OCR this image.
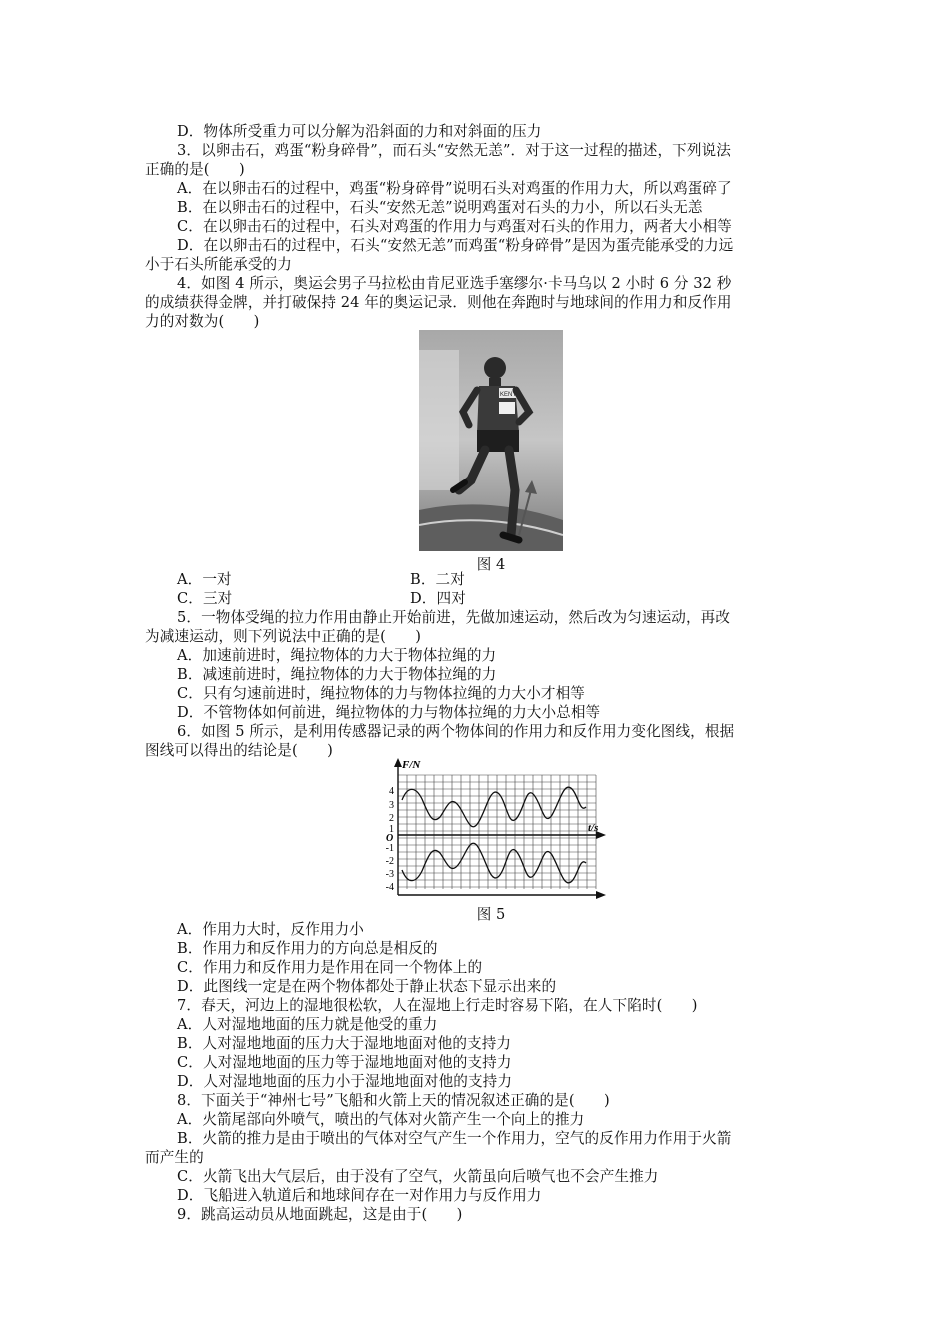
D．物体所受重力可以分解为沿斜面的力和对斜面的压力
3．以卵击石，鸡蛋“粉身碎骨”，而石头“安然无恙”．对于这一过程的描述，下列说法
正确的是(　　)
A．在以卵击石的过程中，鸡蛋“粉身碎骨”说明石头对鸡蛋的作用力大，所以鸡蛋碎了
B．在以卵击石的过程中，石头“安然无恙”说明鸡蛋对石头的力小，所以石头无恙
C．在以卵击石的过程中，石头对鸡蛋的作用力与鸡蛋对石头的作用力，两者大小相等
D．在以卵击石的过程中，石头“安然无恙”而鸡蛋“粉身碎骨”是因为蛋壳能承受的力远
小于石头所能承受的力
4．如图 4 所示，奥运会男子马拉松由肯尼亚选手塞缪尔·卡马乌以 2 小时 6 分 32 秒
的成绩获得金牌，并打破保持 24 年的奥运记录．则他在奔跑时与地球间的作用力和反作用
力的对数为(　　)
KENYA
图 4
A．一对	B．二对
C．三对	D．四对
5．一物体受绳的拉力作用由静止开始前进，先做加速运动，然后改为匀速运动，再改
为减速运动，则下列说法中正确的是(　　)
A．加速前进时，绳拉物体的力大于物体拉绳的力
B．减速前进时，绳拉物体的力大于物体拉绳的力
C．只有匀速前进时，绳拉物体的力与物体拉绳的力大小才相等
D．不管物体如何前进，绳拉物体的力与物体拉绳的力大小总相等
6．如图 5 所示，是利用传感器记录的两个物体间的作用力和反作用力变化图线，根据
图线可以得出的结论是(　　)
F/N
t/s
O
4
3
2
1
-1
-2
-3
-4
图 5
A．作用力大时，反作用力小
B．作用力和反作用力的方向总是相反的
C．作用力和反作用力是作用在同一个物体上的
D．此图线一定是在两个物体都处于静止状态下显示出来的
7．春天，河边上的湿地很松软，人在湿地上行走时容易下陷，在人下陷时(　　)
A．人对湿地地面的压力就是他受的重力
B．人对湿地地面的压力大于湿地地面对他的支持力
C．人对湿地地面的压力等于湿地地面对他的支持力
D．人对湿地地面的压力小于湿地地面对他的支持力
8．下面关于“神州七号”飞船和火箭上天的情况叙述正确的是(　　)
A．火箭尾部向外喷气，喷出的气体对火箭产生一个向上的推力
B．火箭的推力是由于喷出的气体对空气产生一个作用力，空气的反作用力作用于火箭
而产生的
C．火箭飞出大气层后，由于没有了空气，火箭虽向后喷气也不会产生推力
D．飞船进入轨道后和地球间存在一对作用力与反作用力
9．跳高运动员从地面跳起，这是由于(　　)
